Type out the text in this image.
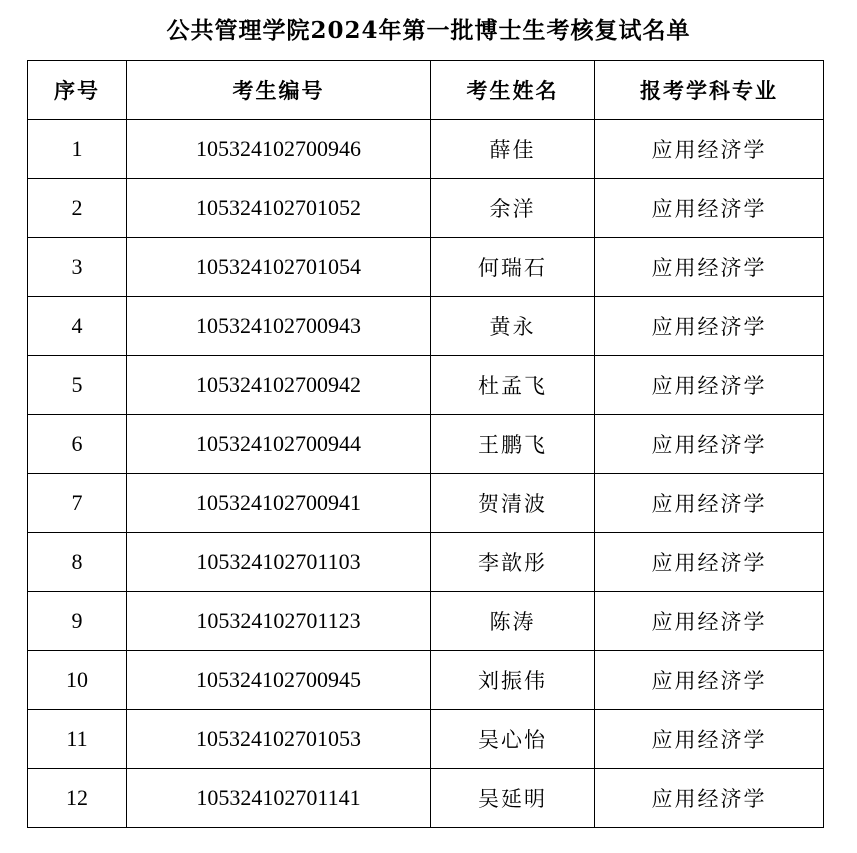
公共管理学院2024年第一批博士生考核复试名单
序号	考生编号	考生姓名	报考学科专业
1	105324102700946	薛佳	应用经济学
2	105324102701052	余洋	应用经济学
3	105324102701054	何瑞石	应用经济学
4	105324102700943	黄永	应用经济学
5	105324102700942	杜孟飞	应用经济学
6	105324102700944	王鹏飞	应用经济学
7	105324102700941	贺清波	应用经济学
8	105324102701103	李歆彤	应用经济学
9	105324102701123	陈涛	应用经济学
10	105324102700945	刘振伟	应用经济学
11	105324102701053	吴心怡	应用经济学
12	105324102701141	吴延明	应用经济学
